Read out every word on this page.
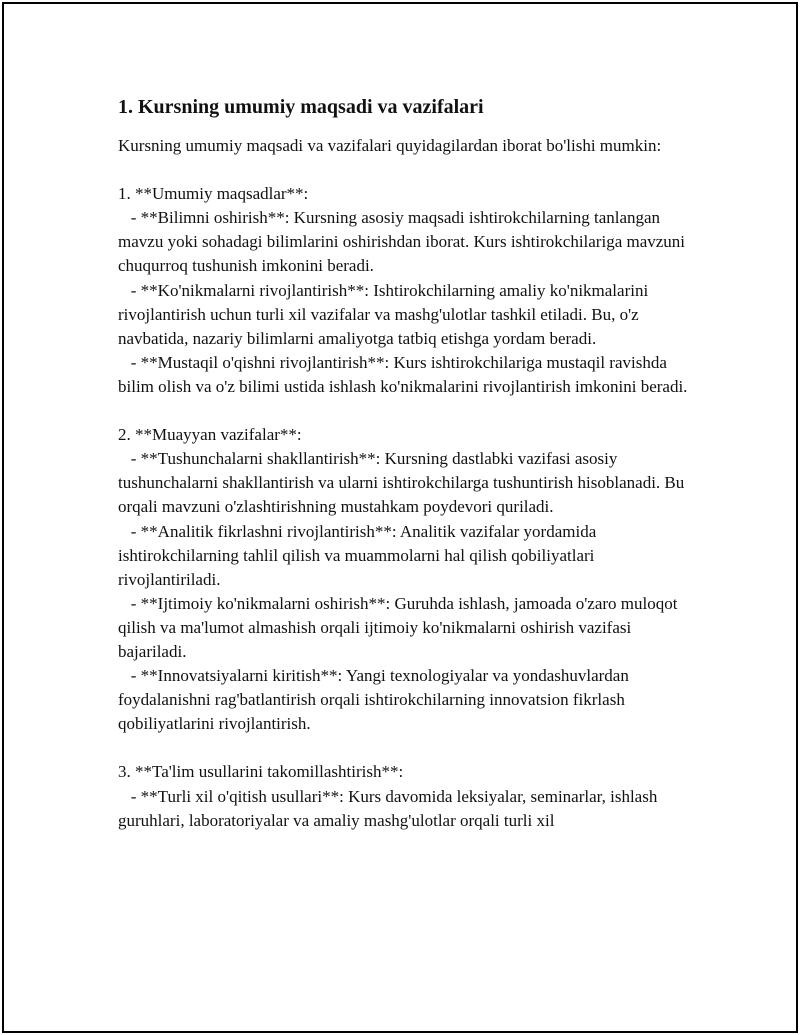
1. Kursning umumiy maqsadi va vazifalari

Kursning umumiy maqsadi va vazifalari quyidagilardan iborat bo'lishi mumkin:

1. **Umumiy maqsadlar**:
- **Bilimni oshirish**: Kursning asosiy maqsadi ishtirokchilarning tanlangan mavzu yoki sohadagi bilimlarini oshirishdan iborat. Kurs ishtirokchilariga mavzuni chuqurroq tushunish imkonini beradi.
- **Ko'nikmalarni rivojlantirish**: Ishtirokchilarning amaliy ko'nikmalarini rivojlantirish uchun turli xil vazifalar va mashg'ulotlar tashkil etiladi. Bu, o'z navbatida, nazariy bilimlarni amaliyotga tatbiq etishga yordam beradi.
- **Mustaqil o'qishni rivojlantirish**: Kurs ishtirokchilariga mustaqil ravishda bilim olish va o'z bilimi ustida ishlash ko'nikmalarini rivojlantirish imkonini beradi.

2. **Muayyan vazifalar**:
- **Tushunchalarni shakllantirish**: Kursning dastlabki vazifasi asosiy tushunchalarni shakllantirish va ularni ishtirokchilarga tushuntirish hisoblanadi. Bu orqali mavzuni o'zlashtirishning mustahkam poydevori quriladi.
- **Analitik fikrlashni rivojlantirish**: Analitik vazifalar yordamida ishtirokchilarning tahlil qilish va muammolarni hal qilish qobiliyatlari rivojlantiriladi.
- **Ijtimoiy ko'nikmalarni oshirish**: Guruhda ishlash, jamoada o'zaro muloqot qilish va ma'lumot almashish orqali ijtimoiy ko'nikmalarni oshirish vazifasi bajariladi.
- **Innovatsiyalarni kiritish**: Yangi texnologiyalar va yondashuvlardan foydalanishni rag'batlantirish orqali ishtirokchilarning innovatsion fikrlash qobiliyatlarini rivojlantirish.

3. **Ta'lim usullarini takomillashtirish**:
- **Turli xil o'qitish usullari**: Kurs davomida leksiyalar, seminarlar, ishlash guruhlari, laboratoriyalar va amaliy mashg'ulotlar orqali turli xil
